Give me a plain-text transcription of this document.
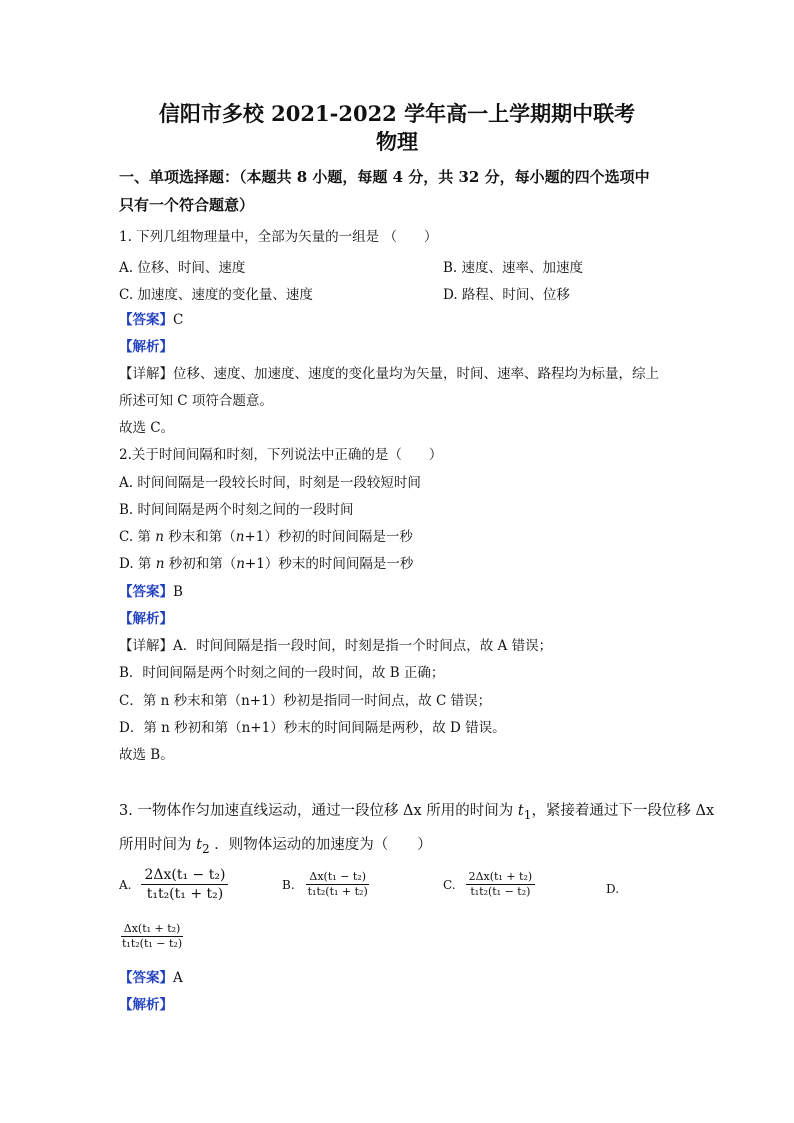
信阳市多校 2021-2022 学年高一上学期期中联考
物理
一、单项选择题：（本题共 8 小题，每题 4 分，共 32 分，每小题的四个选项中
只有一个符合题意）
1. 下列几组物理量中，全部为矢量的一组是 （　　）
A. 位移、时间、速度	B. 速度、速率、加速度
C. 加速度、速度的变化量、速度	D. 路程、时间、位移
【答案】C
【解析】
【详解】位移、速度、加速度、速度的变化量均为矢量，时间、速率、路程均为标量，综上
所述可知 C 项符合题意。
故选 C。
2.关于时间间隔和时刻，下列说法中正确的是（　　）
A. 时间间隔是一段较长时间，时刻是一段较短时间
B. 时间间隔是两个时刻之间的一段时间
C. 第 n 秒末和第（n+1）秒初的时间间隔是一秒
D. 第 n 秒初和第（n+1）秒末的时间间隔是一秒
【答案】B
【解析】
【详解】A．时间间隔是指一段时间，时刻是指一个时间点，故 A 错误；
B．时间间隔是两个时刻之间的一段时间，故 B 正确；
C．第 n 秒末和第（n+1）秒初是指同一时间点，故 C 错误；
D．第 n 秒初和第（n+1）秒末的时间间隔是两秒，故 D 错误。
故选 B。
3. 一物体作匀加速直线运动，通过一段位移 Δx 所用的时间为 $t_1$，紧接着通过下一段位移 Δx
所用时间为 $t_2$ ．则物体运动的加速度为（　　）
A. $\frac{\text{2Δx(t₁ − t₂)}}{\text{t₁t₂(t₁ + t₂)}}$	B. $\frac{\text{Δx(t₁ − t₂)}}{\text{t₁t₂(t₁ + t₂)}}$	C. $\frac{\text{2Δx(t₁ + t₂)}}{\text{t₁t₂(t₁ − t₂)}}$	D.
$\frac{\text{Δx(t₁ + t₂)}}{\text{t₁t₂(t₁ − t₂)}}$
【答案】A
【解析】
